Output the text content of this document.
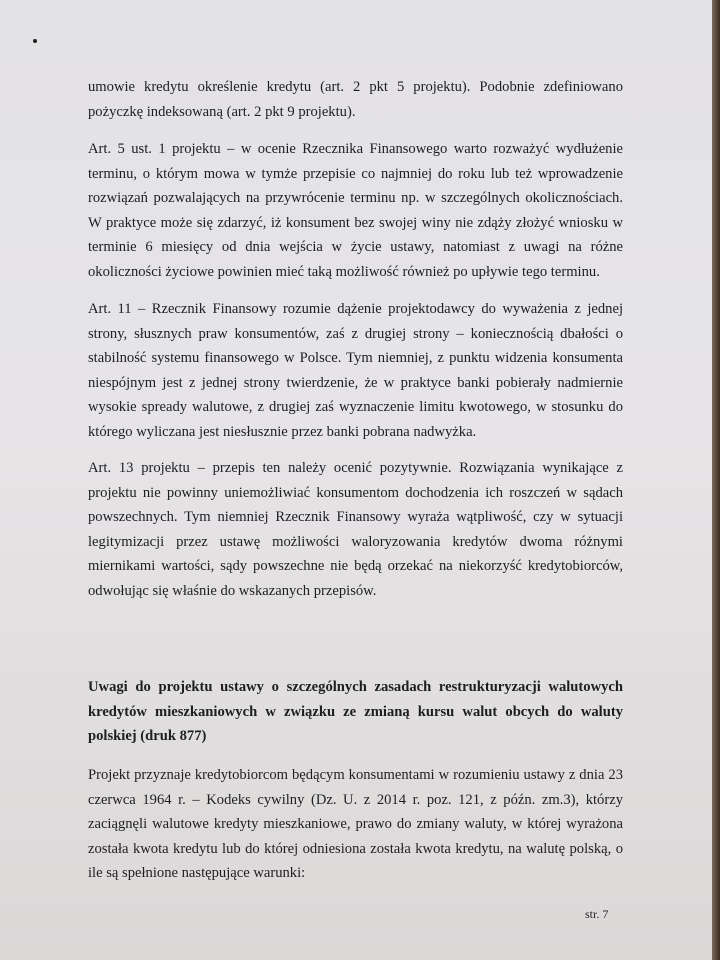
umowie kredytu określenie kredytu (art. 2 pkt 5 projektu). Podobnie zdefiniowano pożyczkę indeksowaną (art. 2 pkt 9 projektu).

Art. 5 ust. 1 projektu – w ocenie Rzecznika Finansowego warto rozważyć wydłużenie terminu, o którym mowa w tymże przepisie co najmniej do roku lub też wprowadzenie rozwiązań pozwalających na przywrócenie terminu np. w szczególnych okolicznościach. W praktyce może się zdarzyć, iż konsument bez swojej winy nie zdąży złożyć wniosku w terminie 6 miesięcy od dnia wejścia w życie ustawy, natomiast z uwagi na różne okoliczności życiowe powinien mieć taką możliwość również po upływie tego terminu.

Art. 11 – Rzecznik Finansowy rozumie dążenie projektodawcy do wyważenia z jednej strony, słusznych praw konsumentów, zaś z drugiej strony – koniecznością dbałości o stabilność systemu finansowego w Polsce. Tym niemniej, z punktu widzenia konsumenta niespójnym jest z jednej strony twierdzenie, że w praktyce banki pobierały nadmiernie wysokie spready walutowe, z drugiej zaś wyznaczenie limitu kwotowego, w stosunku do którego wyliczana jest niesłusznie przez banki pobrana nadwyżka.

Art. 13 projektu – przepis ten należy ocenić pozytywnie. Rozwiązania wynikające z projektu nie powinny uniemożliwiać konsumentom dochodzenia ich roszczeń w sądach powszechnych. Tym niemniej Rzecznik Finansowy wyraża wątpliwość, czy w sytuacji legitymizacji przez ustawę możliwości waloryzowania kredytów dwoma różnymi miernikami wartości, sądy powszechne nie będą orzekać na niekorzyść kredytobiorców, odwołując się właśnie do wskazanych przepisów.

Uwagi do projektu ustawy o szczególnych zasadach restrukturyzacji walutowych kredytów mieszkaniowych w związku ze zmianą kursu walut obcych do waluty polskiej (druk 877)

Projekt przyznaje kredytobiorcom będącym konsumentami w rozumieniu ustawy z dnia 23 czerwca 1964 r. – Kodeks cywilny (Dz. U. z 2014 r. poz. 121, z późn. zm.3), którzy zaciągnęli walutowe kredyty mieszkaniowe, prawo do zmiany waluty, w której wyrażona została kwota kredytu lub do której odniesiona została kwota kredytu, na walutę polską, o ile są spełnione następujące warunki:

str. 7
